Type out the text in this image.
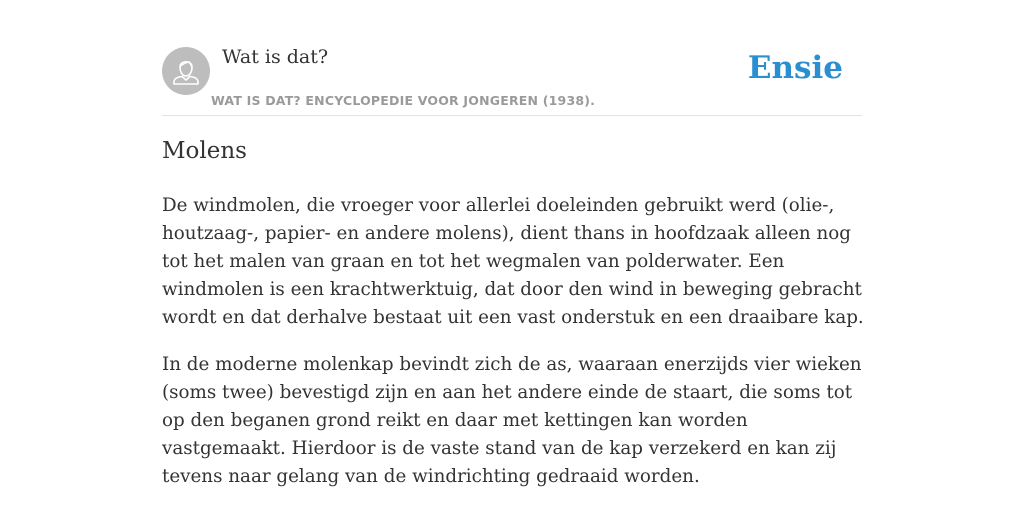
Wat is dat?
WAT IS DAT? ENCYCLOPEDIE VOOR JONGEREN (1938).
Ensie
Molens

De windmolen, die vroeger voor allerlei doeleinden gebruikt werd (olie-, houtzaag-, papier- en andere molens), dient thans in hoofdzaak alleen nog tot het malen van graan en tot het wegmalen van polderwater. Een windmolen is een krachtwerktuig, dat door den wind in beweging gebracht wordt en dat derhalve bestaat uit een vast onderstuk en een draaibare kap.

In de moderne molenkap bevindt zich de as, waaraan enerzijds vier wieken (soms twee) bevestigd zijn en aan het andere einde de staart, die soms tot op den beganen grond reikt en daar met kettingen kan worden vastgemaakt. Hierdoor is de vaste stand van de kap verzekerd en kan zij tevens naar gelang van de windrichting gedraaid worden.
